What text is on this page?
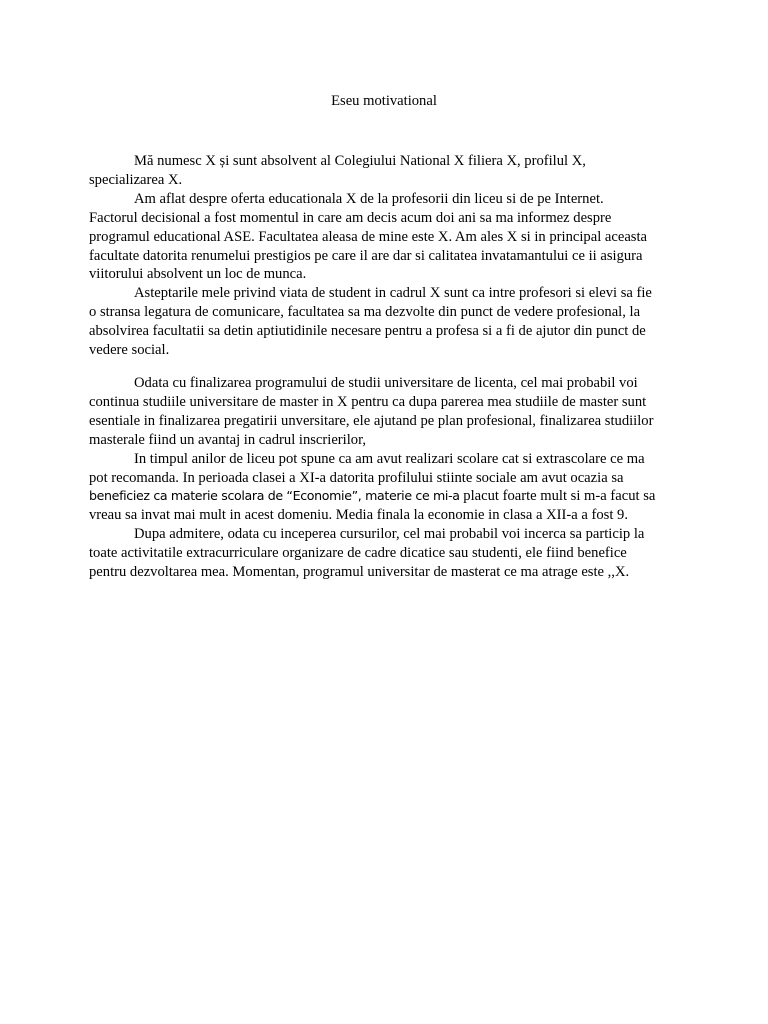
Eseu motivational

Mă numesc X și sunt absolvent al Colegiului National X filiera X, profilul X,
specializarea X.

Am aflat despre oferta educationala X de la profesorii din liceu si de pe Internet.
Factorul decisional a fost momentul in care am decis acum doi ani sa ma informez despre
programul educational ASE. Facultatea aleasa de mine este X. Am ales X si in principal aceasta
facultate datorita renumelui prestigios pe care il are dar si calitatea invatamantului ce ii asigura
viitorului absolvent un loc de munca.

Asteptarile mele privind viata de student in cadrul X sunt ca intre profesori si elevi sa fie
o stransa legatura de comunicare, facultatea sa ma dezvolte din punct de vedere profesional, la
absolvirea facultatii sa detin aptiutidinile necesare pentru a profesa si a fi de ajutor din punct de
vedere social.

Odata cu finalizarea programului de studii universitare de licenta, cel mai probabil voi
continua studiile universitare de master in X pentru ca dupa parerea mea studiile de master sunt
esentiale in finalizarea pregatirii unversitare, ele ajutand pe plan profesional, finalizarea studiilor
masterale fiind un avantaj in cadrul inscrierilor,

In timpul anilor de liceu pot spune ca am avut realizari scolare cat si extrascolare ce ma
pot recomanda. In perioada clasei a XI-a datorita profilului stiinte sociale am avut ocazia sa
beneficiez ca materie scolara de “Economie”, materie ce mi-a placut foarte mult si m-a facut sa
vreau sa invat mai mult in acest domeniu. Media finala la economie in clasa a XII-a a fost 9.

Dupa admitere, odata cu inceperea cursurilor, cel mai probabil voi incerca sa particip la
toate activitatile extracurriculare organizare de cadre dicatice sau studenti, ele fiind benefice
pentru dezvoltarea mea. Momentan, programul universitar de masterat ce ma atrage este ,,X.
